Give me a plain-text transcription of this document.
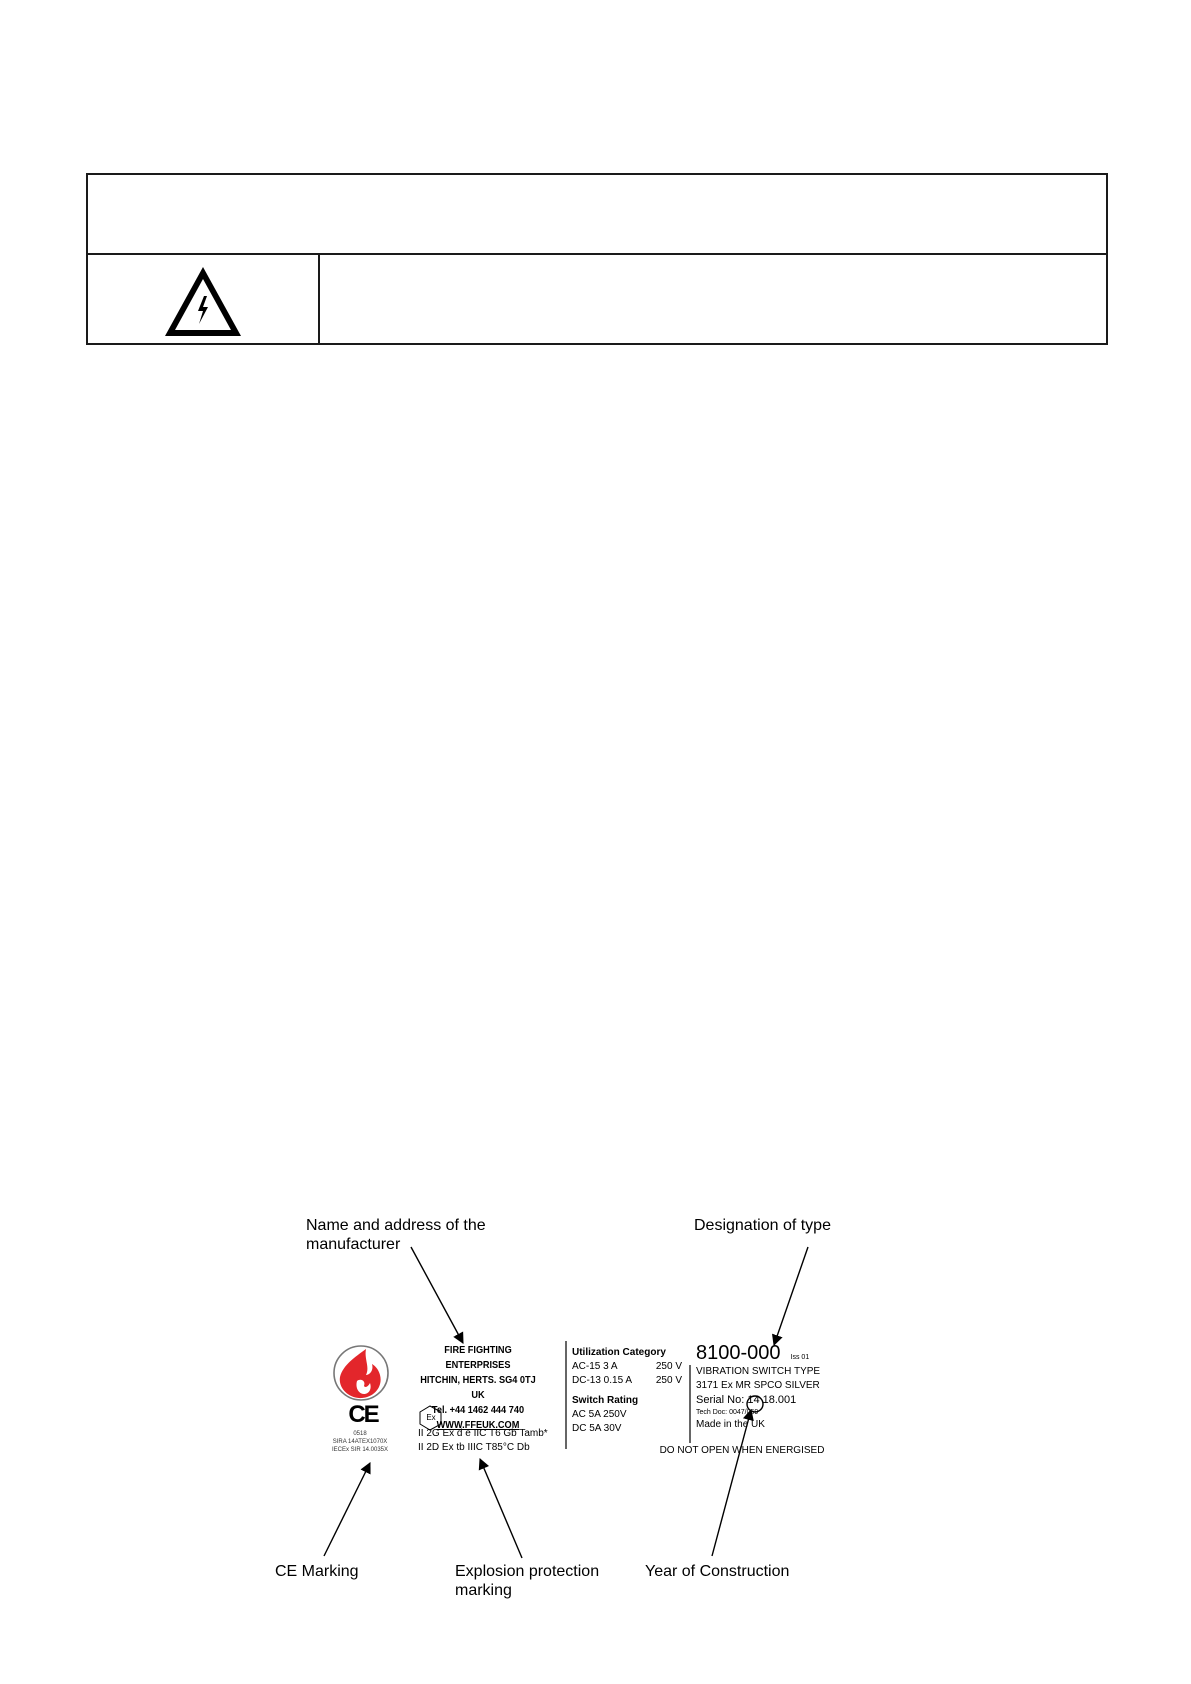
Name and address of the
manufacturer
Designation of type
CE Marking	Explosion protection
marking
Year of Construction
CE
0518
SIRA 14ATEX1070X
IECEx SIR 14.0035X
FIRE FIGHTING ENTERPRISES
HITCHIN, HERTS. SG4 0TJ UK
Tel. +44 1462 444 740
WWW.FFEUK.COM
Ex
II 2G Ex d e IIC T6 Gb Tamb*
II 2D Ex tb IIIC T85°C Db
Utilization Category
AC-15 3 A	250 V
DC-13 0.15 A 250 V
Switch Rating
AC 5A 250V
DC 5A 30V
8100-000 Iss 01
VIBRATION SWITCH TYPE
3171 Ex MR SPCO SILVER
Serial No: 14 18.001
Tech Doc: 0047/059
Made in the UK
DO NOT OPEN WHEN ENERGISED
